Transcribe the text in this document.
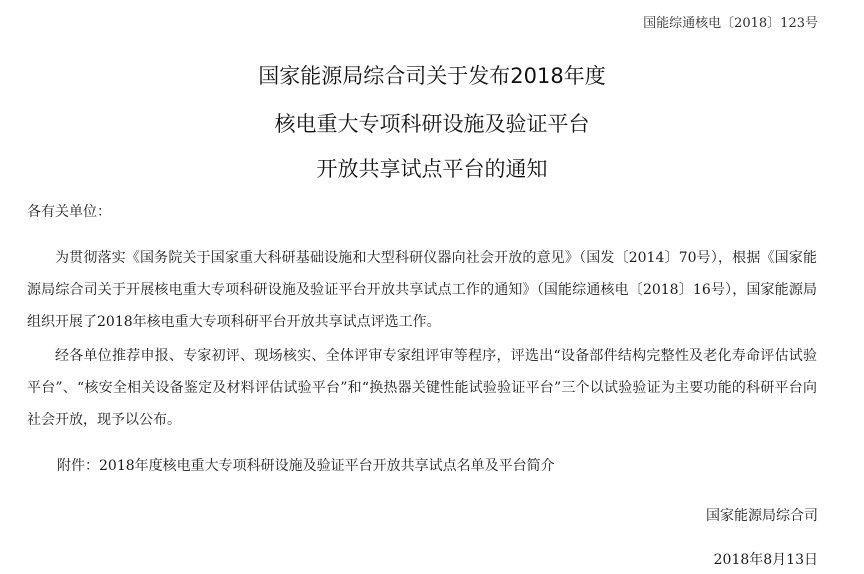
国能综通核电〔2018〕123号
国家能源局综合司关于发布2018年度
核电重大专项科研设施及验证平台
开放共享试点平台的通知
各有关单位：
为贯彻落实《国务院关于国家重大科研基础设施和大型科研仪器向社会开放的意见》（国发〔2014〕70号），根据《国家能源局综合司关于开展核电重大专项科研设施及验证平台开放共享试点工作的通知》（国能综通核电〔2018〕16号），国家能源局组织开展了2018年核电重大专项科研平台开放共享试点评选工作。
经各单位推荐申报、专家初评、现场核实、全体评审专家组评审等程序，评选出“设备部件结构完整性及老化寿命评估试验平台”、“核安全相关设备鉴定及材料评估试验平台”和“换热器关键性能试验验证平台”三个以试验验证为主要功能的科研平台向社会开放，现予以公布。
附件：2018年度核电重大专项科研设施及验证平台开放共享试点名单及平台简介
国家能源局综合司
2018年8月13日
